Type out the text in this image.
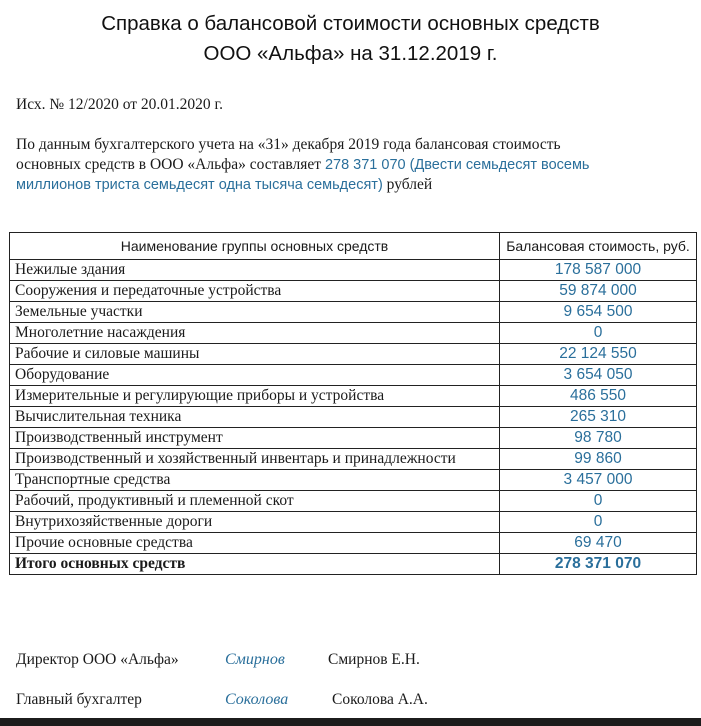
Справка о балансовой стоимости основных средств
ООО «Альфа» на 31.12.2019 г.
Исх. № 12/2020 от 20.01.2020 г.
По данным бухгалтерского учета на «31» декабря 2019 года балансовая стоимость
основных средств в ООО «Альфа» составляет 278 371 070 (Двести семьдесят восемь
миллионов триста семьдесят одна тысяча семьдесят) рублей
Наименование группы основных средств	Балансовая стоимость, руб.
Нежилые здания	178 587 000
Сооружения и передаточные устройства	59 874 000
Земельные участки	9 654 500
Многолетние насаждения	0
Рабочие и силовые машины	22 124 550
Оборудование	3 654 050
Измерительные и регулирующие приборы и устройства	486 550
Вычислительная техника	265 310
Производственный инструмент	98 780
Производственный и хозяйственный инвентарь и принадлежности	99 860
Транспортные средства	3 457 000
Рабочий, продуктивный и племенной скот	0
Внутрихозяйственные дороги	0
Прочие основные средства	69 470
Итого основных средств	278 371 070
Директор ООО «Альфа»	Смирнов	Смирнов Е.Н.
Главный бухгалтер	Соколова	Соколова А.А.
